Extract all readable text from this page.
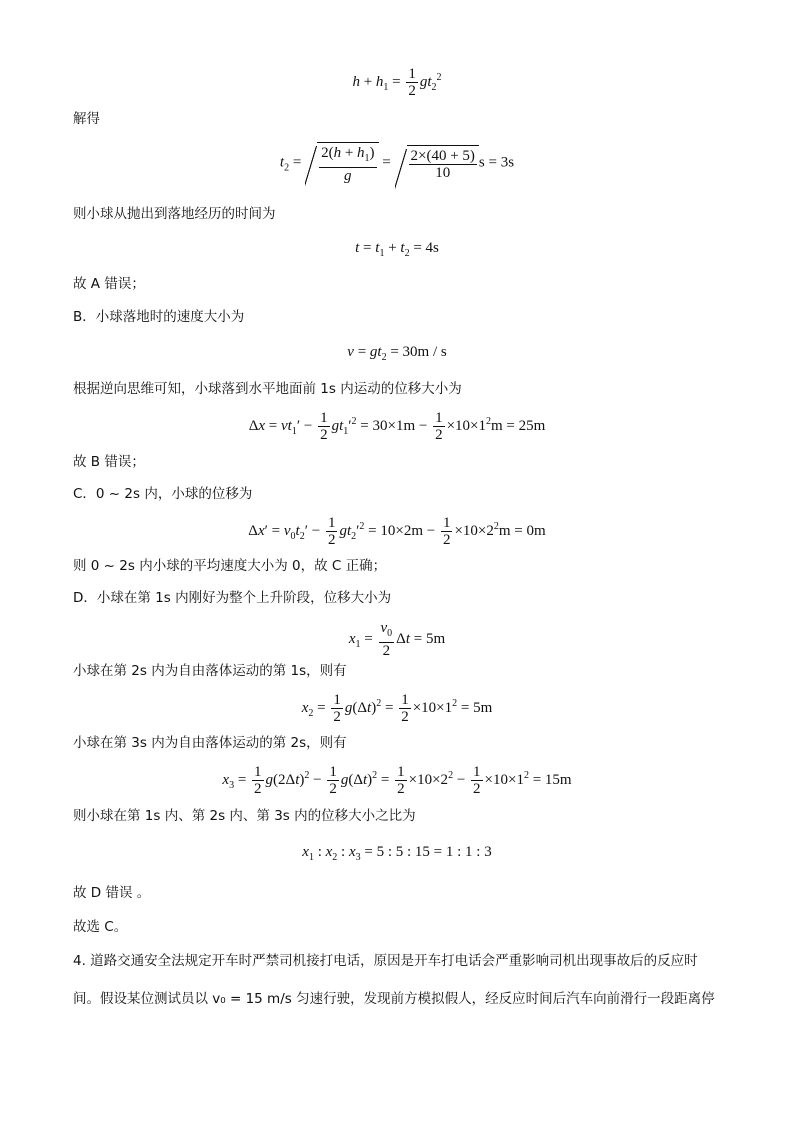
$h + h_1 = \frac{1}{2} gt_2^2$
解得
$t_2 = \frac{2(h + h_1)}{g} = \frac{2\times(40 + 5)}{10}$ s = 3s
则小球从抛出到落地经历的时间为
$t = t_1 + t_2 = 4s$
故 A 错误；
B．小球落地时的速度大小为
$v = gt_2 = 30m / s$
根据逆向思维可知，小球落到水平地面前 1s 内运动的位移大小为
$\Delta x = vt_1' - \frac{1}{2} gt_1'^2 = 30\times 1m - \frac{1}{2} \times 10\times 1^2m = 25m$
故 B 错误；
C．0 ~ 2s 内，小球的位移为
$\Delta x' = v_0t_2' - \frac{1}{2} gt_2'^2 = 10\times 2m - \frac{1}{2} \times 10\times 2^2m = 0m$
则 0 ~ 2s 内小球的平均速度大小为 0，故 C 正确；
D．小球在第 1s 内刚好为整个上升阶段，位移大小为
$x_1 = \frac{v_0}{2}$ Δt = 5m
小球在第 2s 内为自由落体运动的第 1s，则有
$x_2 = \frac{1}{2} g(\Delta t)^2 = \frac{1}{2} \times 10\times 1^2 = 5m$
小球在第 3s 内为自由落体运动的第 2s，则有
$x_3 = \frac{1}{2} g(2\Delta t)^2 - \frac{1}{2} g(\Delta t)^2 = \frac{1}{2} \times 10\times 2^2 - \frac{1}{2} \times 10\times 1^2 = 15m$
则小球在第 1s 内、第 2s 内、第 3s 内的位移大小之比为
$x_1$ : $x_2$ : $x_3 = 5$ : 5 : 15 = 1 : 1 : 3
故 D 错误 。
故选 C。
4. 道路交通安全法规定开车时严禁司机接打电话，原因是开车打电话会严重影响司机出现事故后的反应时
间。假设某位测试员以 v₀ = 15 m/s 匀速行驶，发现前方模拟假人，经反应时间后汽车向前滑行一段距离停
